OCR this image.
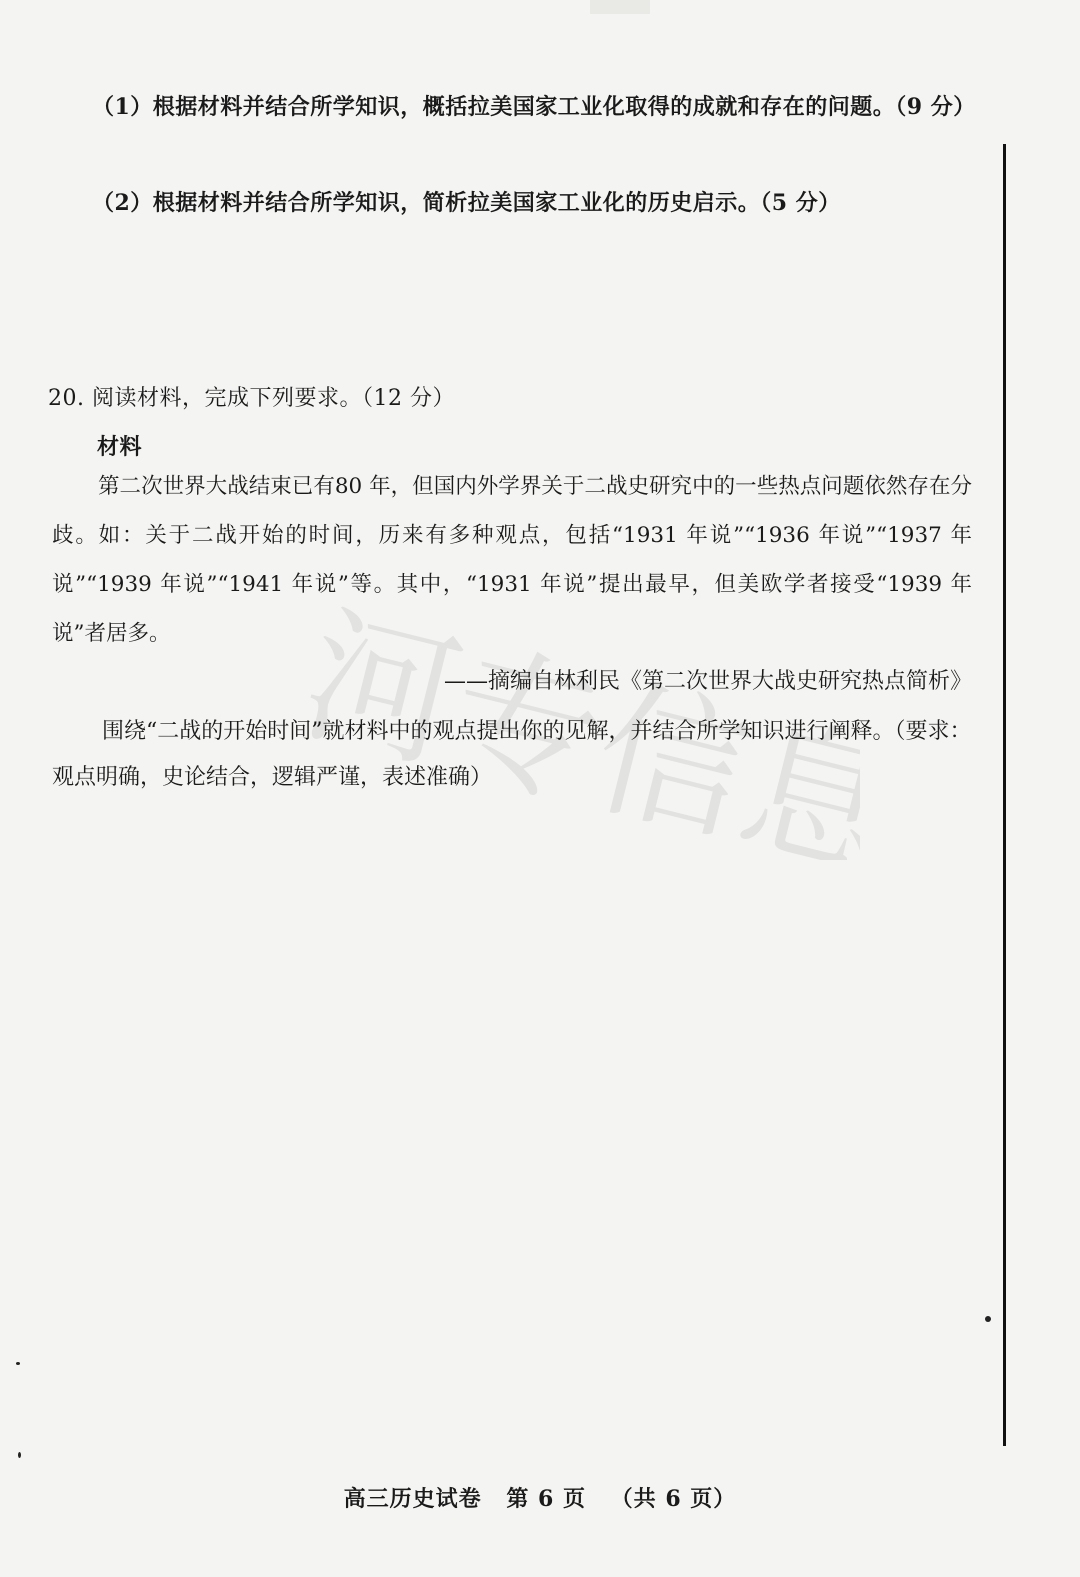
（1）根据材料并结合所学知识，概括拉美国家工业化取得的成就和存在的问题。（9 分）
（2）根据材料并结合所学知识，简析拉美国家工业化的历史启示。（5 分）
20. 阅读材料，完成下列要求。（12 分）
材料
第二次世界大战结束已有80 年，但国内外学界关于二战史研究中的一些热点问题依然存在分歧。如：关于二战开始的时间，历来有多种观点，包括“1931 年说”“1936 年说”“1937 年说”“1939 年说”“1941 年说”等。其中，“1931 年说”提出最早，但美欧学者接受“1939 年说”者居多。
——摘编自林利民《第二次世界大战史研究热点简析》
围绕“二战的开始时间”就材料中的观点提出你的见解，并结合所学知识进行阐释。（要求：观点明确，史论结合，逻辑严谨，表述准确）
河专信息
高三历史试卷 第 6 页 （共 6 页）
